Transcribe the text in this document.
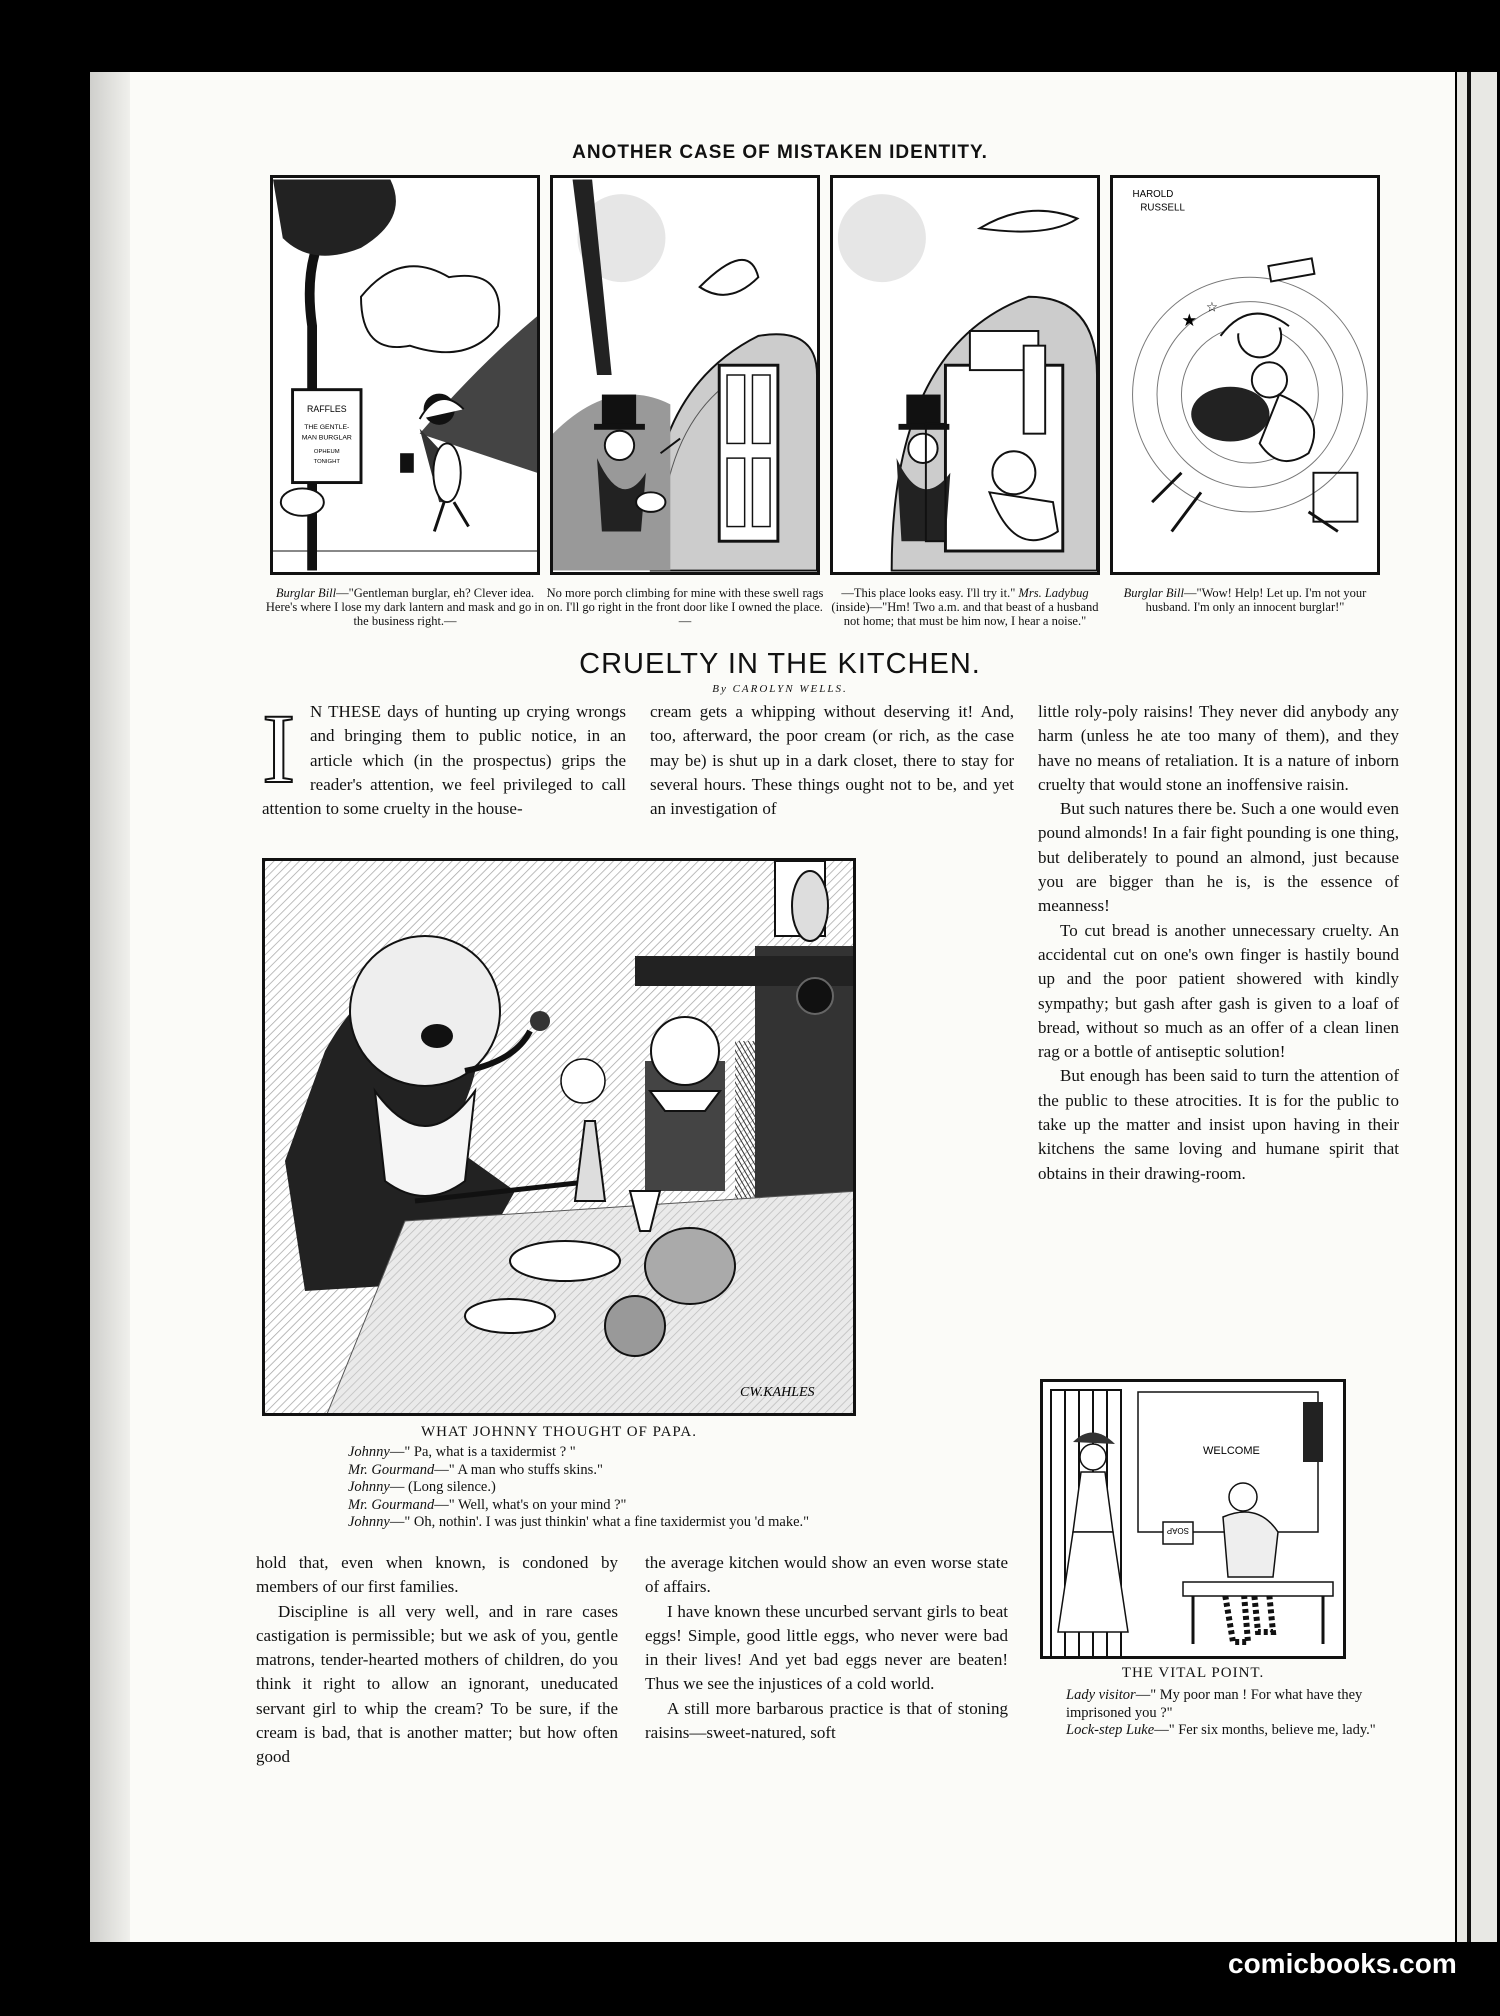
ANOTHER CASE OF MISTAKEN IDENTITY.
RAFFLES
THE GENTLE-
MAN BURGLAR
OPHEUM
TONIGHT
HAROLD
RUSSELL
★
☆
Burglar Bill—"Gentleman burglar, eh? Clever idea. Here's where I lose my dark lantern and mask and go in the business right.—
No more porch climbing for mine with these swell rags on. I'll go right in the front door like I owned the place.—
—This place looks easy. I'll try it." Mrs. Ladybug (inside)—"Hm! Two a.m. and that beast of a husband not home; that must be him now, I hear a noise."
Burglar Bill—"Wow! Help! Let up. I'm not your husband. I'm only an innocent burglar!"
CRUELTY IN THE KITCHEN.
By CAROLYN WELLS.

I N THESE days of hunting up crying wrongs and bringing them to public notice, in an article which (in the prospectus) grips the reader's attention, we feel privileged to call attention to some cruelty in the house-

cream gets a whipping without deserving it! And, too, afterward, the poor cream (or rich, as the case may be) is shut up in a dark closet, there to stay for several hours. These things ought not to be, and yet an investigation of

little roly-poly raisins! They never did anybody any harm (unless he ate too many of them), and they have no means of retaliation. It is a nature of inborn cruelty that would stone an inoffensive raisin.

But such natures there be. Such a one would even pound almonds! In a fair fight pounding is one thing, but deliberately to pound an almond, just because you are bigger than he is, is the essence of meanness!

To cut bread is another unnecessary cruelty. An accidental cut on one's own finger is hastily bound up and the poor patient showered with kindly sympathy; but gash after gash is given to a loaf of bread, without so much as an offer of a clean linen rag or a bottle of antiseptic solution!

But enough has been said to turn the attention of the public to these atrocities. It is for the public to take up the matter and insist upon having in their kitchens the same loving and humane spirit that obtains in their drawing-room.

CW.KAHLES
WHAT JOHNNY THOUGHT OF PAPA.
Johnny—" Pa, what is a taxidermist ? "
Mr. Gourmand—" A man who stuffs skins."
Johnny— (Long silence.)
Mr. Gourmand—" Well, what's on your mind ?"
Johnny—" Oh, nothin'. I was just thinkin' what a fine taxidermist you 'd make."

hold that, even when known, is condoned by members of our first families.

Discipline is all very well, and in rare cases castigation is permissible; but we ask of you, gentle matrons, tender-hearted mothers of children, do you think it right to allow an ignorant, uneducated servant girl to whip the cream? To be sure, if the cream is bad, that is another matter; but how often good

the average kitchen would show an even worse state of affairs.

I have known these uncurbed servant girls to beat eggs! Simple, good little eggs, who never were bad in their lives! And yet bad eggs never are beaten! Thus we see the injustices of a cold world.

A still more barbarous practice is that of stoning raisins—sweet-natured, soft

WELCOME
SOAP
THE VITAL POINT.
Lady visitor—" My poor man ! For what have they imprisoned you ?"
Lock-step Luke—" Fer six months, believe me, lady."
comicbooks.com
